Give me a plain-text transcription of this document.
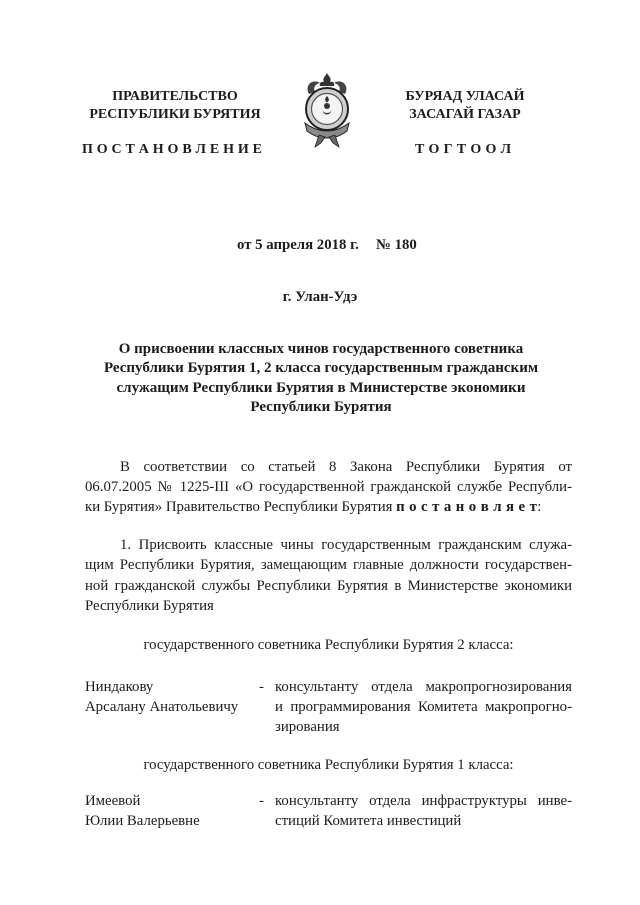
ПРАВИТЕЛЬСТВО
РЕСПУБЛИКИ БУРЯТИЯ
БУРЯАД УЛАСАЙ
ЗАСАГАЙ ГАЗАР
П О С Т А Н О В Л Е Н И Е	Т О Г Т О О Л
от 5 апреля 2018 г. № 180
г. Улан-Удэ
О присвоении классных чинов государственного советника
Республики Бурятия 1, 2 класса государственным гражданским
служащим Республики Бурятия в Министерстве экономики
Республики Бурятия
В соответствии со статьей 8 Закона Республики Бурятия от
06.07.2005 № 1225-III «О государственной гражданской службе Республи-
ки Бурятия» Правительство Республики Бурятия п о с т а н о в л я е т:
1. Присвоить классные чины государственным гражданским служа-
щим Республики Бурятия, замещающим главные должности государствен-
ной гражданской службы Республики Бурятия в Министерстве экономики
Республики Бурятия
государственного советника Республики Бурятия 2 класса:
Ниндакову
Арсалану Анатольевичу
- консультанту отдела макропрогнозирования
и программирования Комитета макропрогно-
зирования
государственного советника Республики Бурятия 1 класса:
Имеевой
Юлии Валерьевне
- консультанту отдела инфраструктуры инве-
стиций Комитета инвестиций
